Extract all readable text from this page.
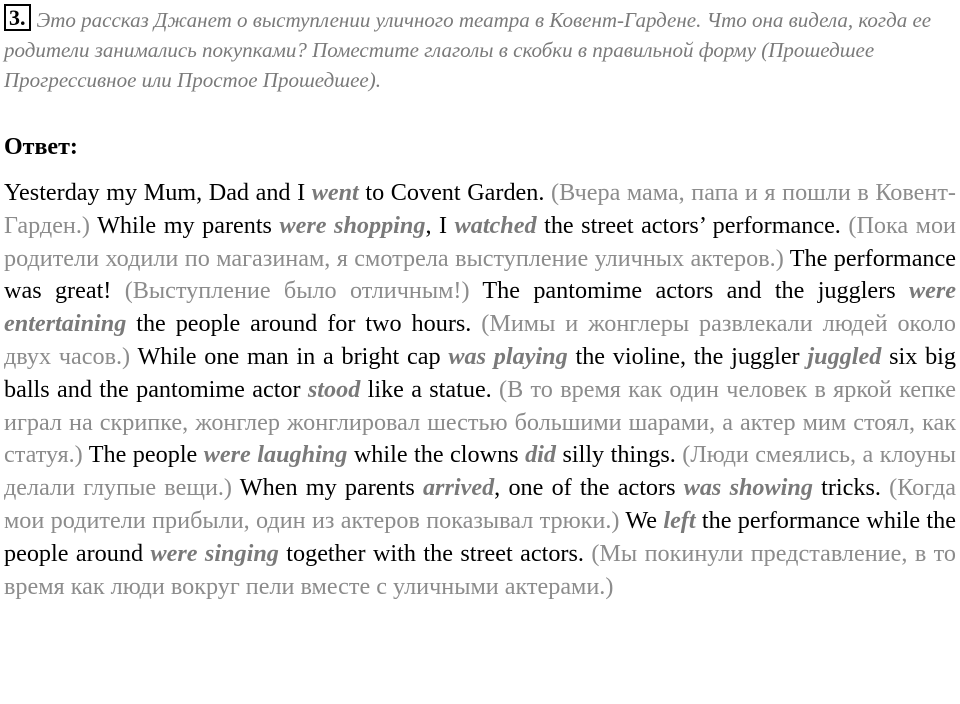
3. Это рассказ Джанет о выступлении уличного театра в Ковент-Гардене. Что она видела, когда ее родители занимались покупками? Поместите глаголы в скобки в правильной форму (Прошедшее Прогрессивное или Простое Прошедшее).
Ответ:
Yesterday my Mum, Dad and I went to Covent Garden. (Вчера мама, папа и я пошли в Ковент-Гарден.) While my parents were shopping, I watched the street actors’ performance. (Пока мои родители ходили по магазинам, я смотрела выступление уличных актеров.) The performance was great! (Выступление было отличным!) The pantomime actors and the jugglers were entertaining the people around for two hours. (Мимы и жонглеры развлекали людей около двух часов.) While one man in a bright cap was playing the violine, the juggler juggled six big balls and the pantomime actor stood like a statue. (В то время как один человек в яркой кепке играл на скрипке, жонглер жонглировал шестью большими шарами, а актер мим стоял, как статуя.) The people were laughing while the clowns did silly things. (Люди смеялись, а клоуны делали глупые вещи.) When my parents arrived, one of the actors was showing tricks. (Когда мои родители прибыли, один из актеров показывал трюки.) We left the performance while the people around were singing together with the street actors. (Мы покинули представление, в то время как люди вокруг пели вместе с уличными актерами.)
